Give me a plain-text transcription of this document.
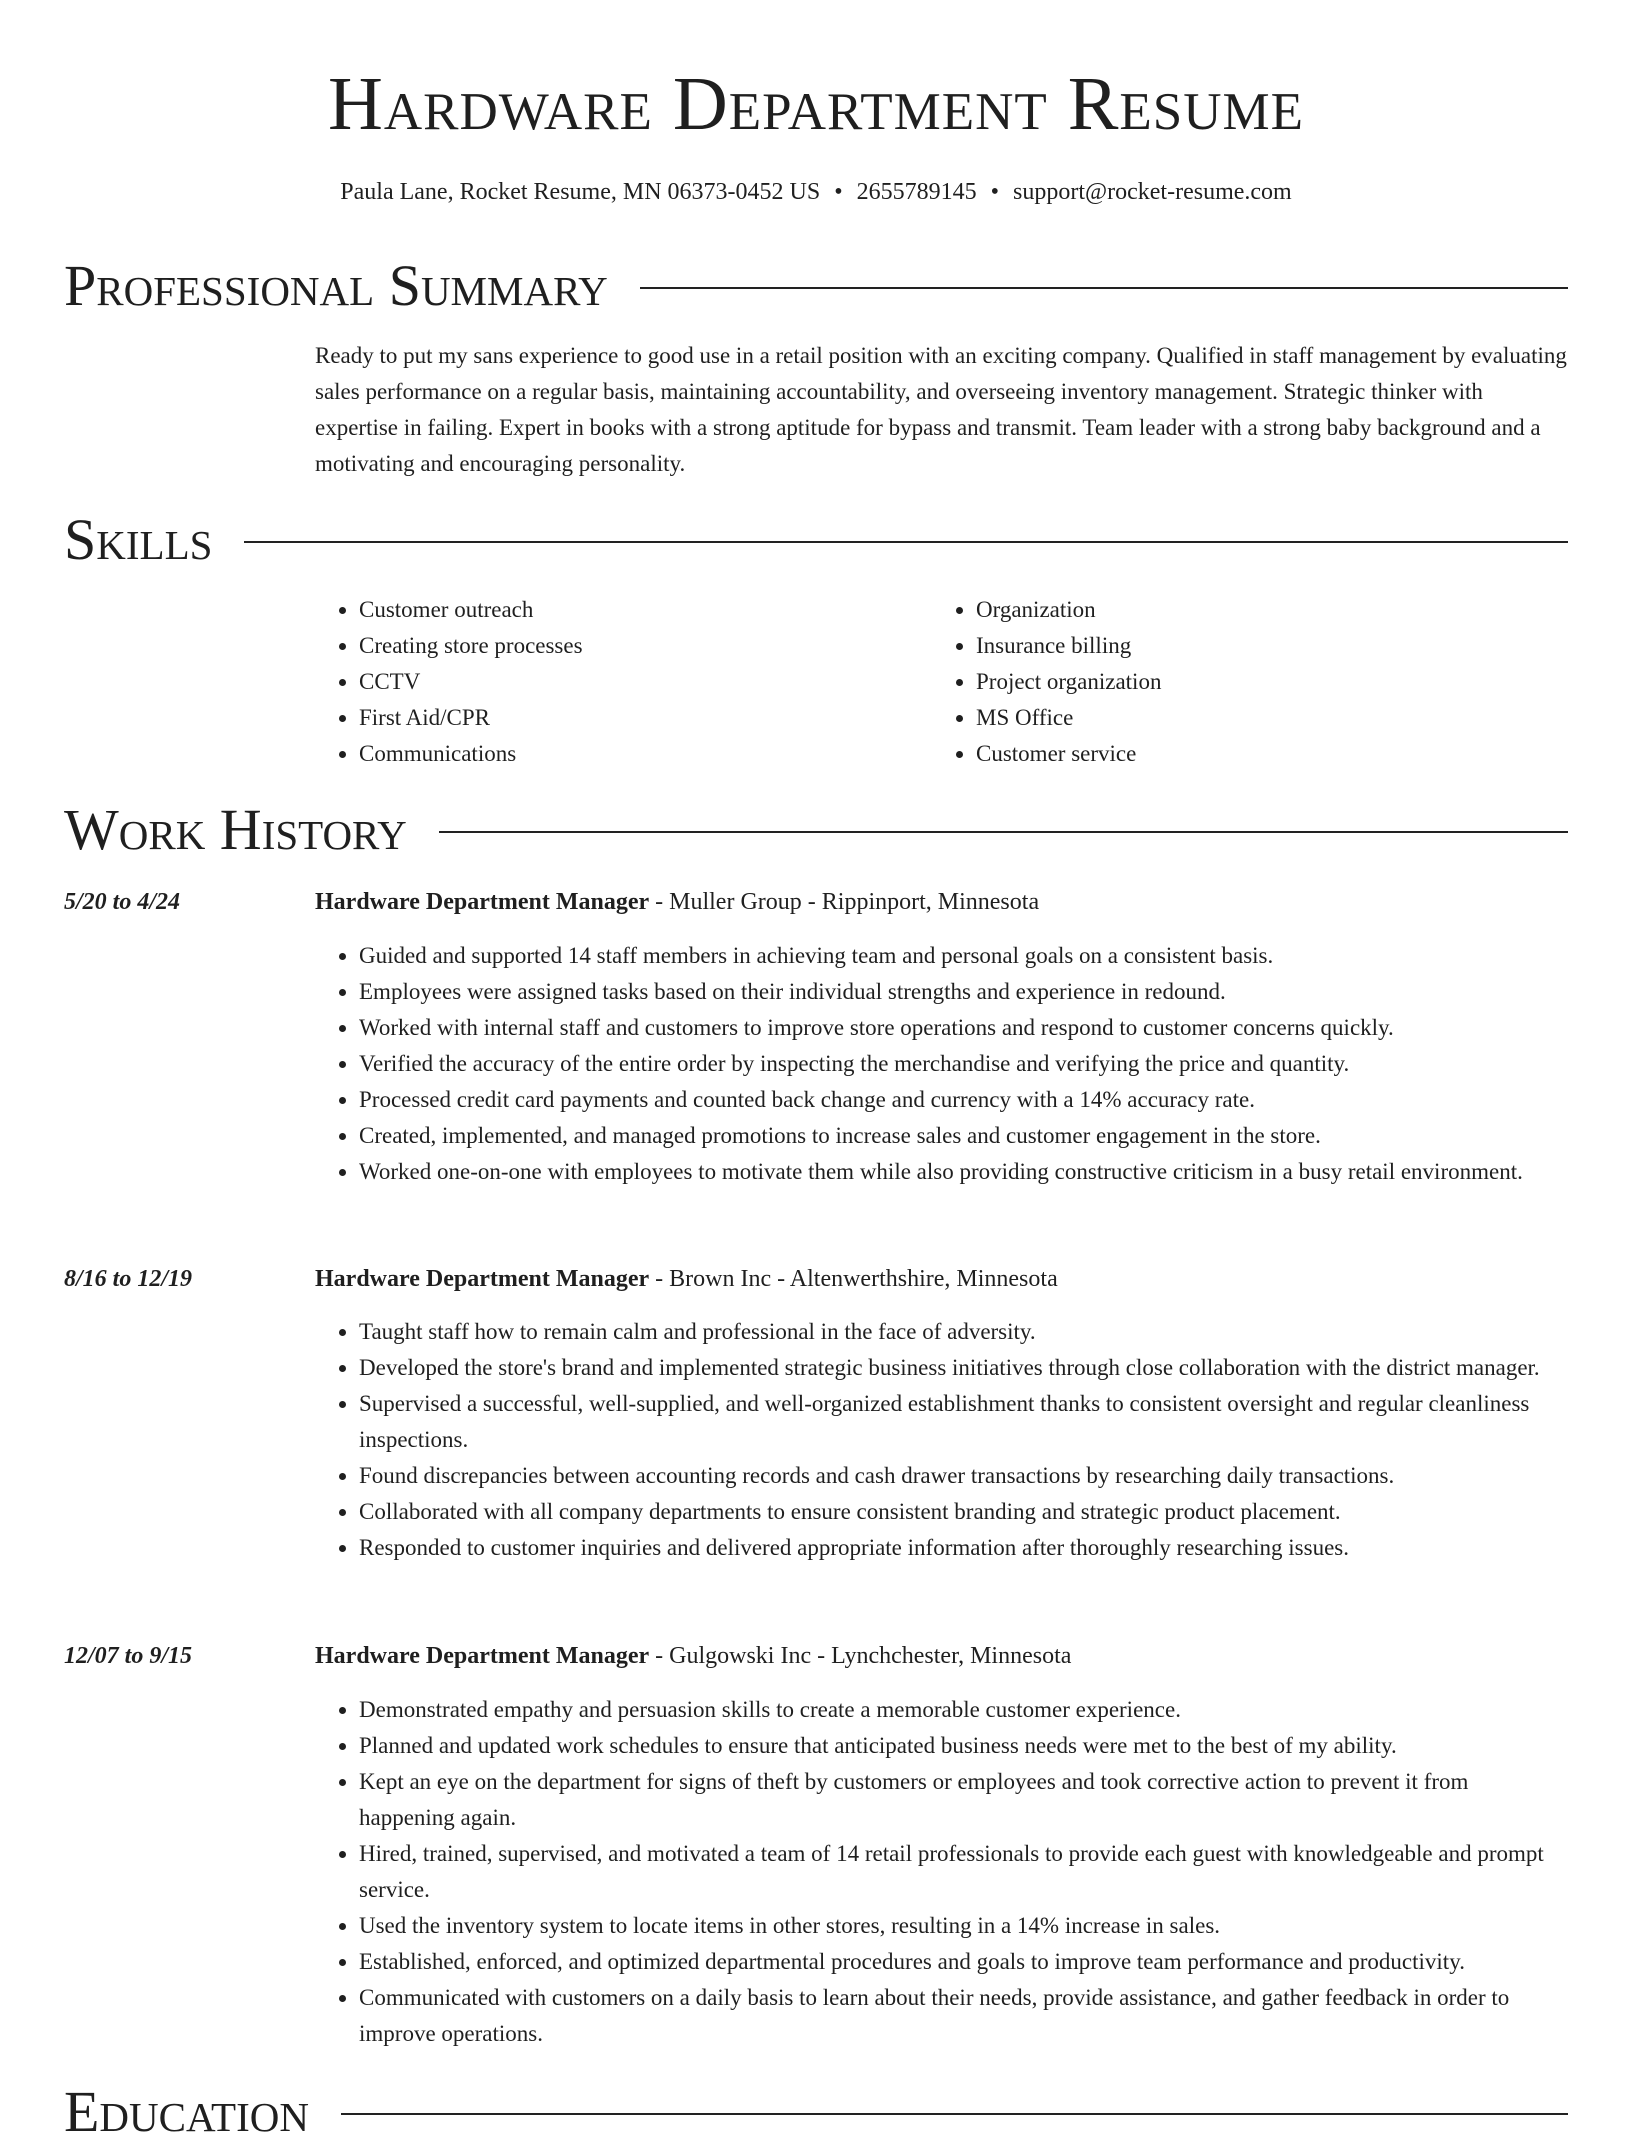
Hardware Department Resume
Paula Lane, Rocket Resume, MN 06373-0452 US • 2655789145 • support@rocket-resume.com
Professional Summary

Ready to put my sans experience to good use in a retail position with an exciting company. Qualified in staff management by evaluating sales performance on a regular basis, maintaining accountability, and overseeing inventory management. Strategic thinker with expertise in failing. Expert in books with a strong aptitude for bypass and transmit. Team leader with a strong baby background and a motivating and encouraging personality.

Skills
• Customer outreach
• Creating store processes
• CCTV
• First Aid/CPR
• Communications
• Organization
• Insurance billing
• Project organization
• MS Office
• Customer service
Work History
5/20 to 4/24	Hardware Department Manager - Muller Group - Rippinport, Minnesota
• Guided and supported 14 staff members in achieving team and personal goals on a consistent basis.
• Employees were assigned tasks based on their individual strengths and experience in redound.
• Worked with internal staff and customers to improve store operations and respond to customer concerns quickly.
• Verified the accuracy of the entire order by inspecting the merchandise and verifying the price and quantity.
• Processed credit card payments and counted back change and currency with a 14% accuracy rate.
• Created, implemented, and managed promotions to increase sales and customer engagement in the store.
• Worked one-on-one with employees to motivate them while also providing constructive criticism in a busy retail environment.
8/16 to 12/19	Hardware Department Manager - Brown Inc - Altenwerthshire, Minnesota
• Taught staff how to remain calm and professional in the face of adversity.
• Developed the store's brand and implemented strategic business initiatives through close collaboration with the district manager.
• Supervised a successful, well-supplied, and well-organized establishment thanks to consistent oversight and regular cleanliness inspections.
• Found discrepancies between accounting records and cash drawer transactions by researching daily transactions.
• Collaborated with all company departments to ensure consistent branding and strategic product placement.
• Responded to customer inquiries and delivered appropriate information after thoroughly researching issues.
12/07 to 9/15	Hardware Department Manager - Gulgowski Inc - Lynchchester, Minnesota
• Demonstrated empathy and persuasion skills to create a memorable customer experience.
• Planned and updated work schedules to ensure that anticipated business needs were met to the best of my ability.
• Kept an eye on the department for signs of theft by customers or employees and took corrective action to prevent it from happening again.
• Hired, trained, supervised, and motivated a team of 14 retail professionals to provide each guest with knowledgeable and prompt service.
• Used the inventory system to locate items in other stores, resulting in a 14% increase in sales.
• Established, enforced, and optimized departmental procedures and goals to improve team performance and productivity.
• Communicated with customers on a daily basis to learn about their needs, provide assistance, and gather feedback in order to improve operations.
Education
